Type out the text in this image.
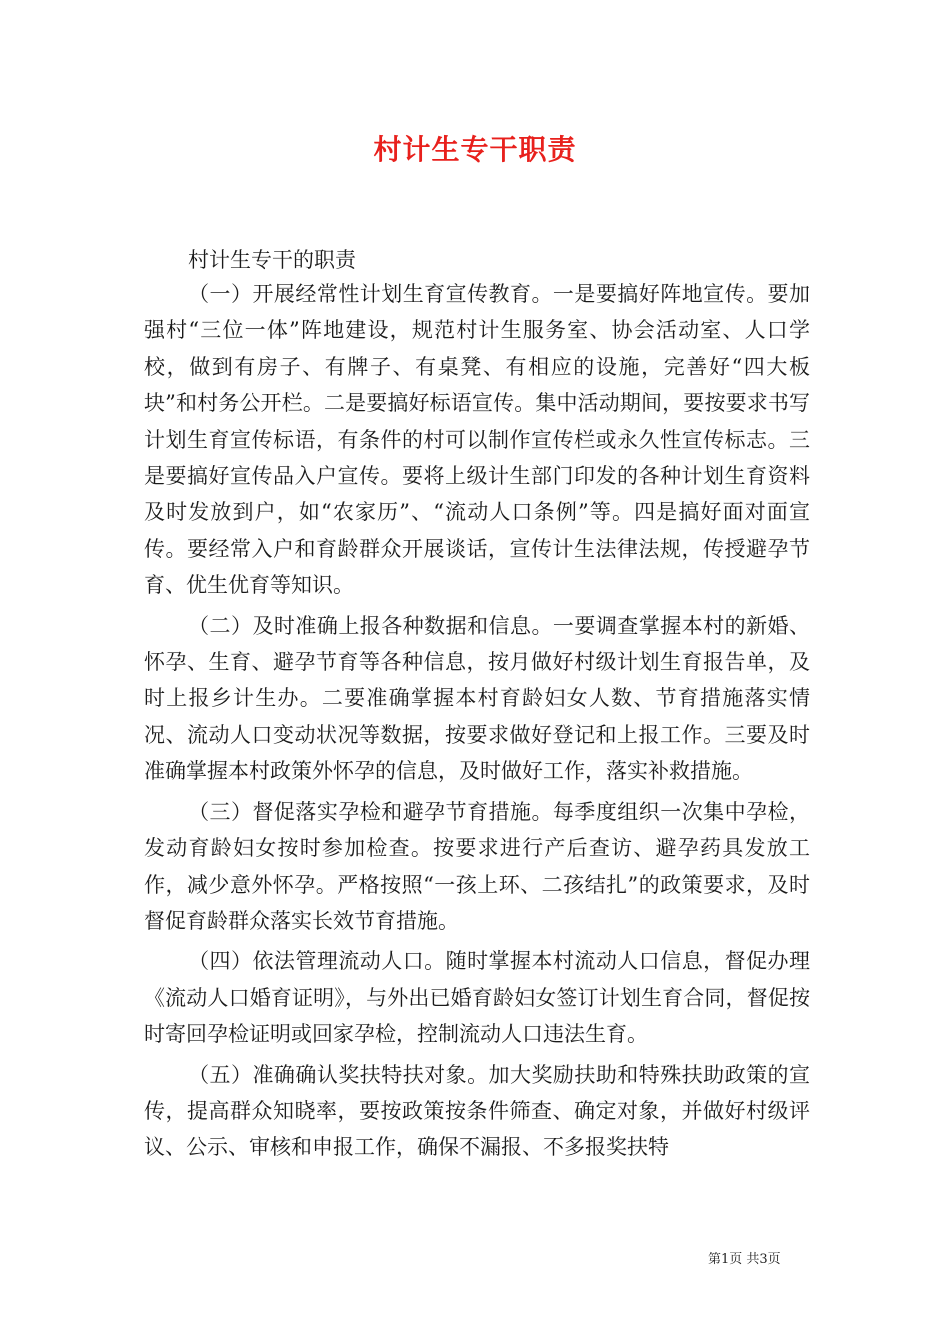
村计生专干职责
村计生专干的职责

（一）开展经常性计划生育宣传教育。一是要搞好阵地宣传。要加强村“三位一体”阵地建设，规范村计生服务室、协会活动室、人口学校，做到有房子、有牌子、有桌凳、有相应的设施，完善好“四大板块”和村务公开栏。二是要搞好标语宣传。集中活动期间，要按要求书写计划生育宣传标语，有条件的村可以制作宣传栏或永久性宣传标志。三是要搞好宣传品入户宣传。要将上级计生部门印发的各种计划生育资料及时发放到户，如“农家历”、“流动人口条例”等。四是搞好面对面宣传。要经常入户和育龄群众开展谈话，宣传计生法律法规，传授避孕节育、优生优育等知识。

（二）及时准确上报各种数据和信息。一要调查掌握本村的新婚、怀孕、生育、避孕节育等各种信息，按月做好村级计划生育报告单，及时上报乡计生办。二要准确掌握本村育龄妇女人数、节育措施落实情况、流动人口变动状况等数据，按要求做好登记和上报工作。三要及时准确掌握本村政策外怀孕的信息，及时做好工作，落实补救措施。

（三）督促落实孕检和避孕节育措施。每季度组织一次集中孕检，发动育龄妇女按时参加检查。按要求进行产后查访、避孕药具发放工作，减少意外怀孕。严格按照“一孩上环、二孩结扎”的政策要求，及时督促育龄群众落实长效节育措施。

（四）依法管理流动人口。随时掌握本村流动人口信息，督促办理《流动人口婚育证明》，与外出已婚育龄妇女签订计划生育合同，督促按时寄回孕检证明或回家孕检，控制流动人口违法生育。

（五）准确确认奖扶特扶对象。加大奖励扶助和特殊扶助政策的宣传，提高群众知晓率，要按政策按条件筛查、确定对象，并做好村级评议、公示、审核和申报工作，确保不漏报、不多报奖扶特

第1页 共3页
